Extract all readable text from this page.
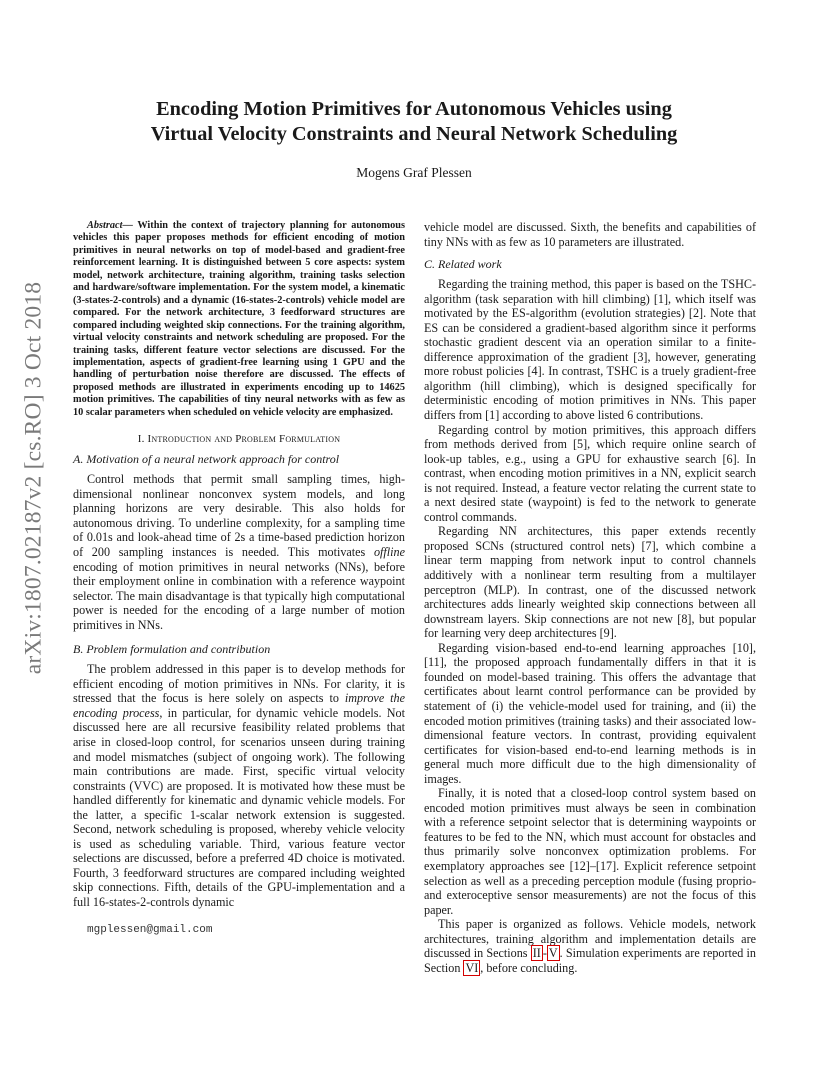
arXiv:1807.02187v2 [cs.RO] 3 Oct 2018
Encoding Motion Primitives for Autonomous Vehicles using
Virtual Velocity Constraints and Neural Network Scheduling
Mogens Graf Plessen

Abstract— Within the context of trajectory planning for autonomous vehicles this paper proposes methods for efficient encoding of motion primitives in neural networks on top of model-based and gradient-free reinforcement learning. It is distinguished between 5 core aspects: system model, network architecture, training algorithm, training tasks selection and hardware/software implementation. For the system model, a kinematic (3-states-2-controls) and a dynamic (16-states-2-controls) vehicle model are compared. For the network architecture, 3 feedforward structures are compared including weighted skip connections. For the training algorithm, virtual velocity constraints and network scheduling are proposed. For the training tasks, different feature vector selections are discussed. For the implementation, aspects of gradient-free learning using 1 GPU and the handling of perturbation noise therefore are discussed. The effects of proposed methods are illustrated in experiments encoding up to 14625 motion primitives. The capabilities of tiny neural networks with as few as 10 scalar parameters when scheduled on vehicle velocity are emphasized.

I. Introduction and Problem Formulation
A. Motivation of a neural network approach for control

Control methods that permit small sampling times, high-dimensional nonlinear nonconvex system models, and long planning horizons are very desirable. This also holds for autonomous driving. To underline complexity, for a sampling time of 0.01s and look-ahead time of 2s a time-based prediction horizon of 200 sampling instances is needed. This motivates offline encoding of motion primitives in neural networks (NNs), before their employment online in combination with a reference waypoint selector. The main disadvantage is that typically high computational power is needed for the encoding of a large number of motion primitives in NNs.

B. Problem formulation and contribution

The problem addressed in this paper is to develop methods for efficient encoding of motion primitives in NNs. For clarity, it is stressed that the focus is here solely on aspects to improve the encoding process, in particular, for dynamic vehicle models. Not discussed here are all recursive feasibility related problems that arise in closed-loop control, for scenarios unseen during training and model mismatches (subject of ongoing work). The following main contributions are made. First, specific virtual velocity constraints (VVC) are proposed. It is motivated how these must be handled differently for kinematic and dynamic vehicle models. For the latter, a specific 1-scalar network extension is suggested. Second, network scheduling is proposed, whereby vehicle velocity is used as scheduling variable. Third, various feature vector selections are discussed, before a preferred 4D choice is motivated. Fourth, 3 feedforward structures are compared including weighted skip connections. Fifth, details of the GPU-implementation and a full 16-states-2-controls dynamic

mgplessen@gmail.com

vehicle model are discussed. Sixth, the benefits and capabilities of tiny NNs with as few as 10 parameters are illustrated.

C. Related work

Regarding the training method, this paper is based on the TSHC-algorithm (task separation with hill climbing) [1], which itself was motivated by the ES-algorithm (evolution strategies) [2]. Note that ES can be considered a gradient-based algorithm since it performs stochastic gradient descent via an operation similar to a finite-difference approximation of the gradient [3], however, generating more robust policies [4]. In contrast, TSHC is a truely gradient-free algorithm (hill climbing), which is designed specifically for deterministic encoding of motion primitives in NNs. This paper differs from [1] according to above listed 6 contributions.

Regarding control by motion primitives, this approach differs from methods derived from [5], which require online search of look-up tables, e.g., using a GPU for exhaustive search [6]. In contrast, when encoding motion primitives in a NN, explicit search is not required. Instead, a feature vector relating the current state to a next desired state (waypoint) is fed to the network to generate control commands.

Regarding NN architectures, this paper extends recently proposed SCNs (structured control nets) [7], which combine a linear term mapping from network input to control channels additively with a nonlinear term resulting from a multilayer perceptron (MLP). In contrast, one of the discussed network architectures adds linearly weighted skip connections between all downstream layers. Skip connections are not new [8], but popular for learning very deep architectures [9].

Regarding vision-based end-to-end learning approaches [10], [11], the proposed approach fundamentally differs in that it is founded on model-based training. This offers the advantage that certificates about learnt control performance can be provided by statement of (i) the vehicle-model used for training, and (ii) the encoded motion primitives (training tasks) and their associated low-dimensional feature vectors. In contrast, providing equivalent certificates for vision-based end-to-end learning methods is in general much more difficult due to the high dimensionality of images.

Finally, it is noted that a closed-loop control system based on encoded motion primitives must always be seen in combination with a reference setpoint selector that is determining waypoints or features to be fed to the NN, which must account for obstacles and thus primarily solve nonconvex optimization problems. For exemplatory approaches see [12]–[17]. Explicit reference setpoint selection as well as a preceding perception module (fusing proprio- and exteroceptive sensor measurements) are not the focus of this paper.

This paper is organized as follows. Vehicle models, network architectures, training algorithm and implementation details are discussed in Sections II - V . Simulation experiments are reported in Section VI , before concluding.
